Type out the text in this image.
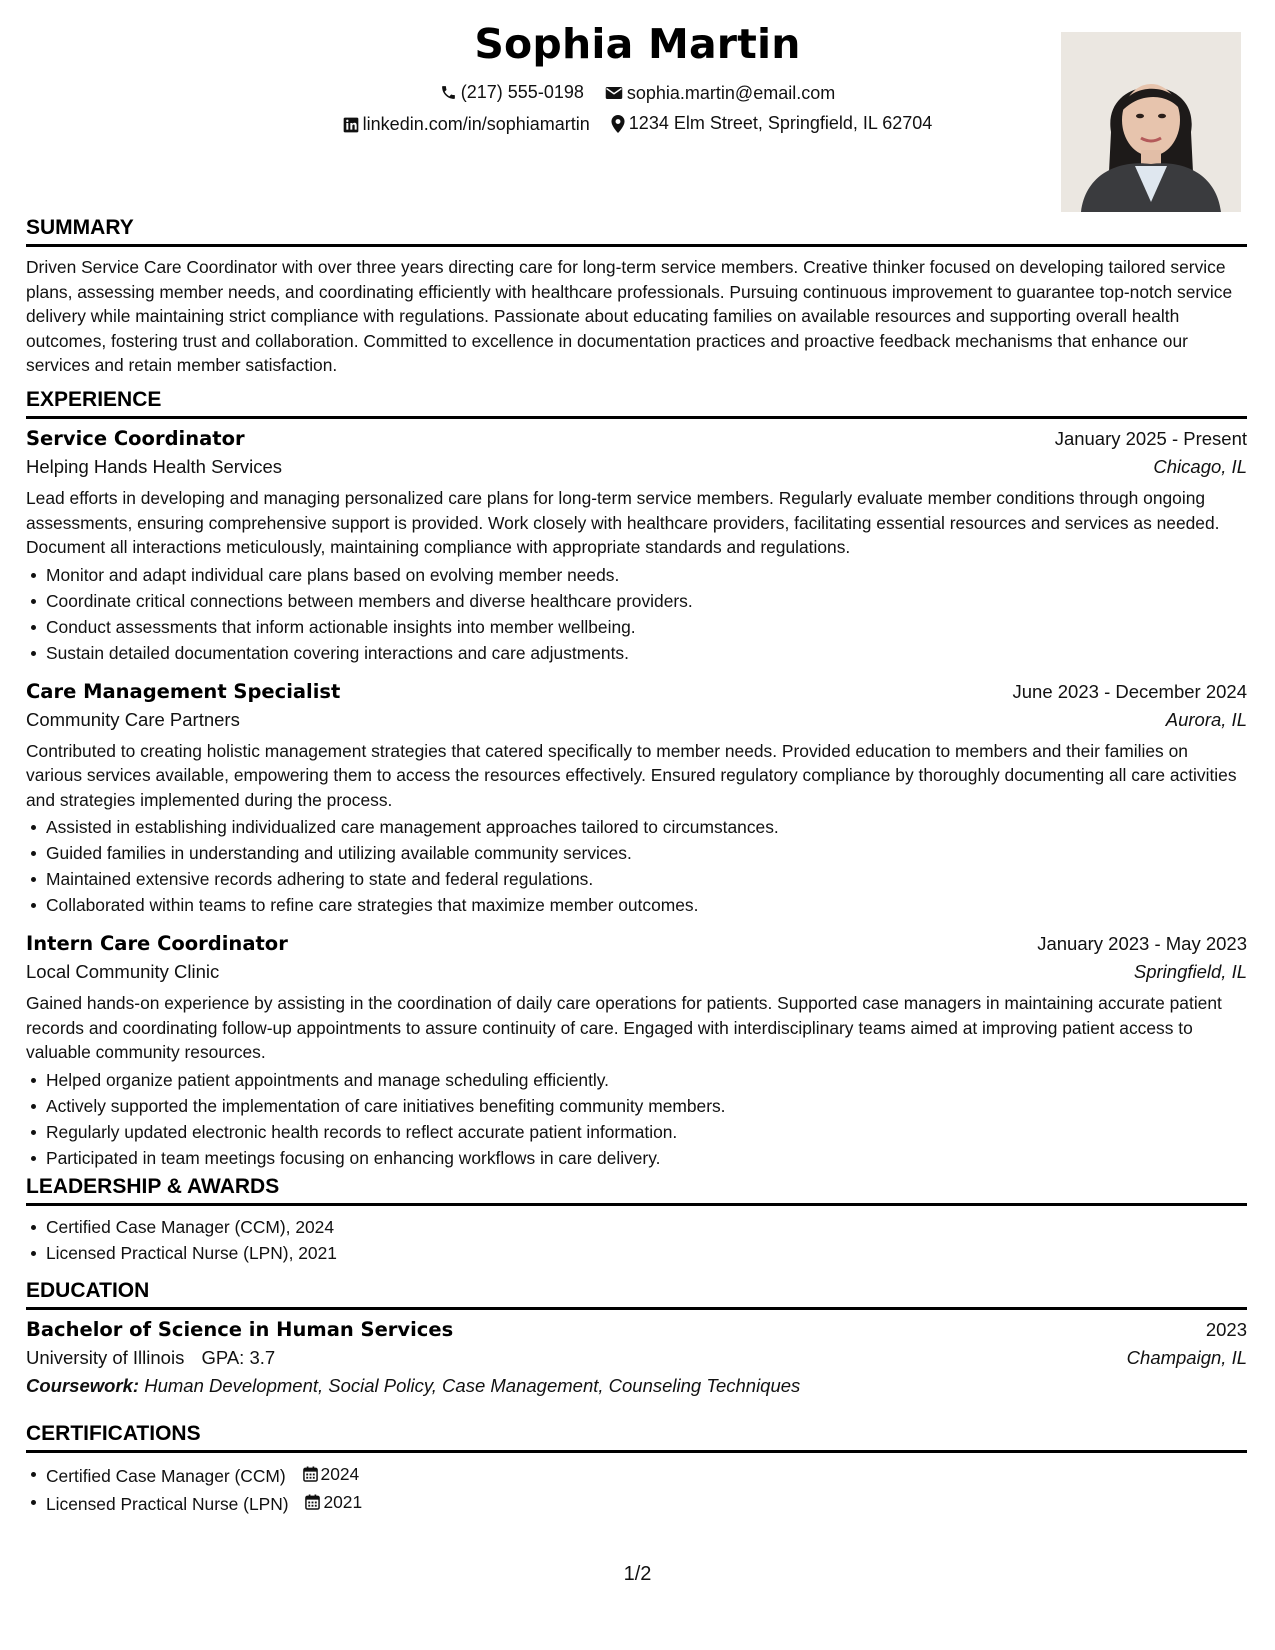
Sophia Martin
(217) 555-0198
sophia.martin@email.com
linkedin.com/in/sophiamartin
1234 Elm Street, Springfield, IL 62704
SUMMARY

Driven Service Care Coordinator with over three years directing care for long-term service members. Creative thinker focused on developing tailored service plans, assessing member needs, and coordinating efficiently with healthcare professionals. Pursuing continuous improvement to guarantee top-notch service delivery while maintaining strict compliance with regulations. Passionate about educating families on available resources and supporting overall health outcomes, fostering trust and collaboration. Committed to excellence in documentation practices and proactive feedback mechanisms that enhance our services and retain member satisfaction.

EXPERIENCE
Service Coordinator	January 2025 - Present
Helping Hands Health Services	Chicago, IL

Lead efforts in developing and managing personalized care plans for long-term service members. Regularly evaluate member conditions through ongoing assessments, ensuring comprehensive support is provided. Work closely with healthcare providers, facilitating essential resources and services as needed. Document all interactions meticulously, maintaining compliance with appropriate standards and regulations.

Monitor and adapt individual care plans based on evolving member needs.
Coordinate critical connections between members and diverse healthcare providers.
Conduct assessments that inform actionable insights into member wellbeing.
Sustain detailed documentation covering interactions and care adjustments.
Care Management Specialist	June 2023 - December 2024
Community Care Partners	Aurora, IL

Contributed to creating holistic management strategies that catered specifically to member needs. Provided education to members and their families on various services available, empowering them to access the resources effectively. Ensured regulatory compliance by thoroughly documenting all care activities and strategies implemented during the process.

Assisted in establishing individualized care management approaches tailored to circumstances.
Guided families in understanding and utilizing available community services.
Maintained extensive records adhering to state and federal regulations.
Collaborated within teams to refine care strategies that maximize member outcomes.
Intern Care Coordinator	January 2023 - May 2023
Local Community Clinic	Springfield, IL

Gained hands-on experience by assisting in the coordination of daily care operations for patients. Supported case managers in maintaining accurate patient records and coordinating follow-up appointments to assure continuity of care. Engaged with interdisciplinary teams aimed at improving patient access to valuable community resources.

Helped organize patient appointments and manage scheduling efficiently.
Actively supported the implementation of care initiatives benefiting community members.
Regularly updated electronic health records to reflect accurate patient information.
Participated in team meetings focusing on enhancing workflows in care delivery.
LEADERSHIP & AWARDS
Certified Case Manager (CCM), 2024
Licensed Practical Nurse (LPN), 2021
EDUCATION
Bachelor of Science in Human Services	2023
University of Illinois GPA: 3.7	Champaign, IL
Coursework: Human Development, Social Policy, Case Management, Counseling Techniques
CERTIFICATIONS
Certified Case Manager (CCM) 2024
Licensed Practical Nurse (LPN) 2021
1/2
